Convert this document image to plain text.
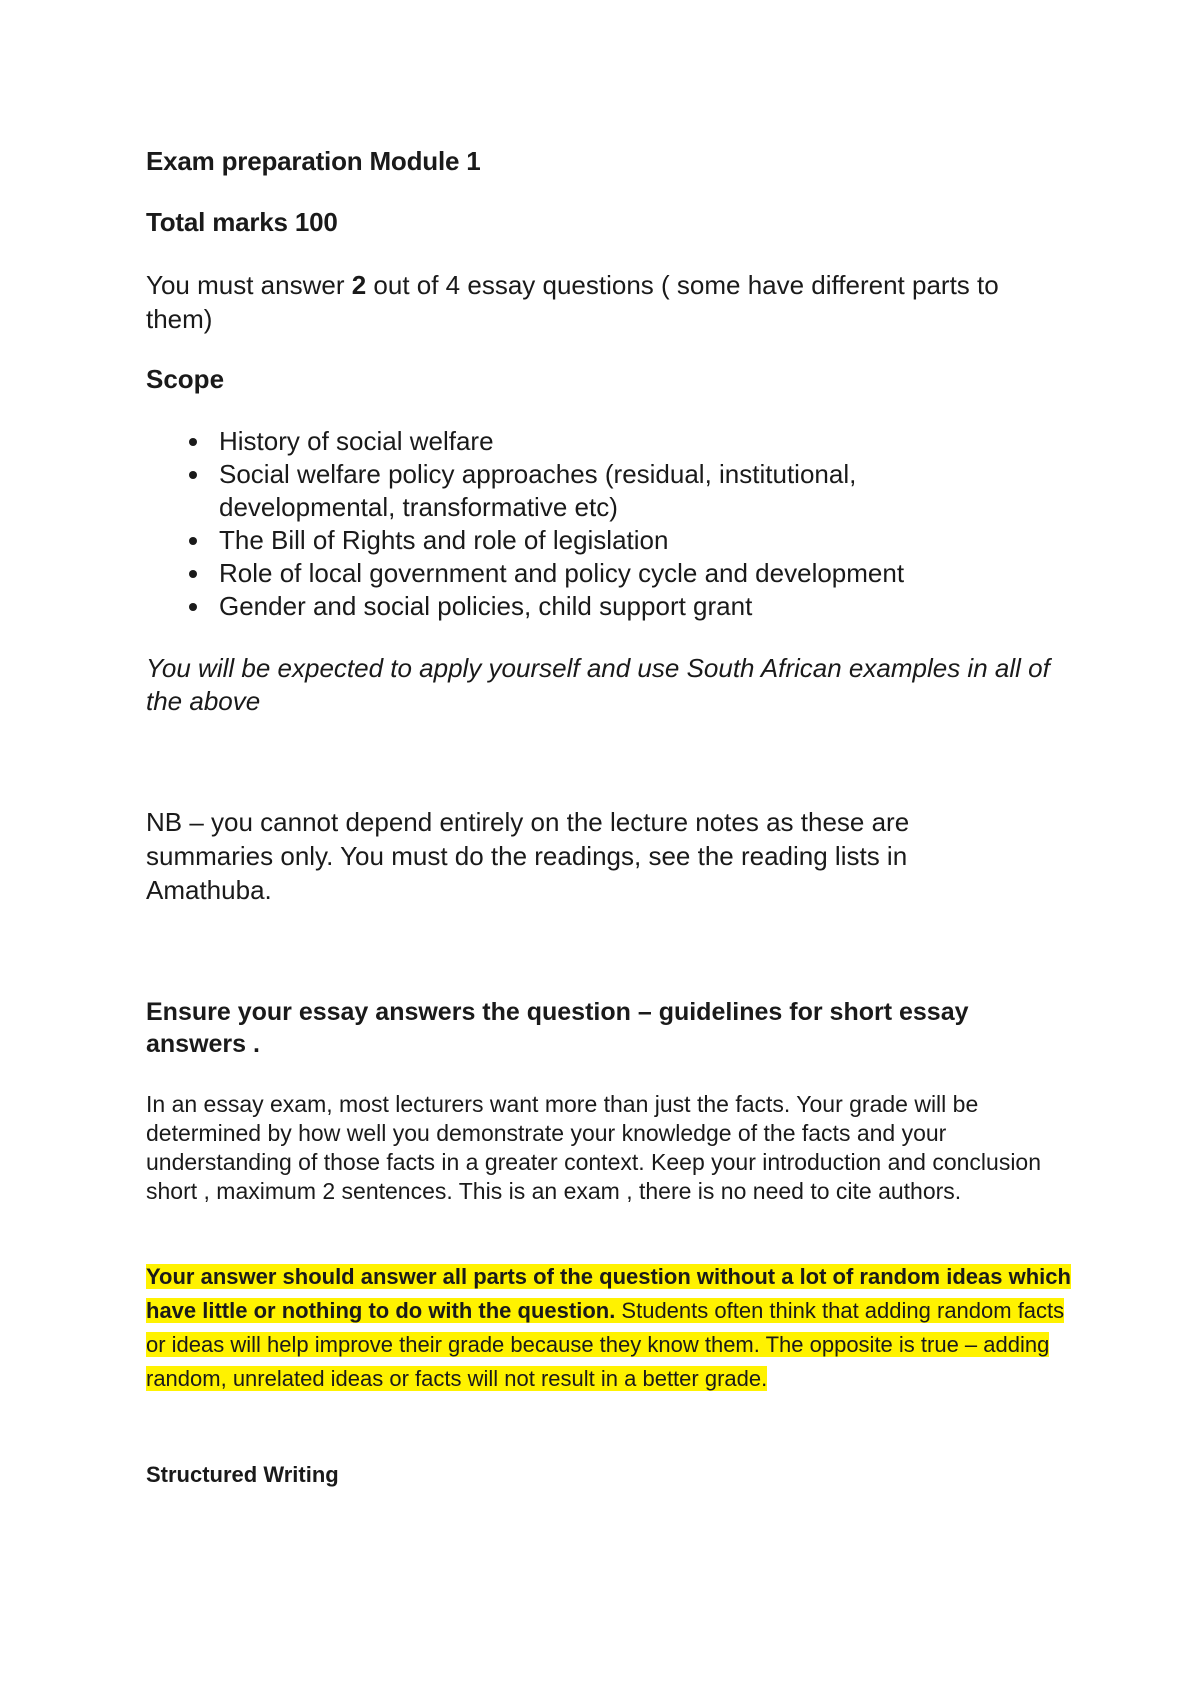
Exam preparation Module 1

Total marks 100

You must answer 2 out of 4 essay questions ( some have different parts to them)

Scope

History of social welfare
Social welfare policy approaches (residual, institutional, developmental, transformative etc)
The Bill of Rights and role of legislation
Role of local government and policy cycle and development
Gender and social policies, child support grant

You will be expected to apply yourself and use South African examples in all of the above

NB – you cannot depend entirely on the lecture notes as these are summaries only. You must do the readings, see the reading lists in Amathuba.

Ensure your essay answers the question – guidelines for short essay answers .

In an essay exam, most lecturers want more than just the facts. Your grade will be determined by how well you demonstrate your knowledge of the facts and your understanding of those facts in a greater context. Keep your introduction and conclusion short , maximum 2 sentences. This is an exam , there is no need to cite authors.

Your answer should answer all parts of the question without a lot of random ideas which have little or nothing to do with the question. Students often think that adding random facts or ideas will help improve their grade because they know them. The opposite is true – adding random, unrelated ideas or facts will not result in a better grade.

Structured Writing
